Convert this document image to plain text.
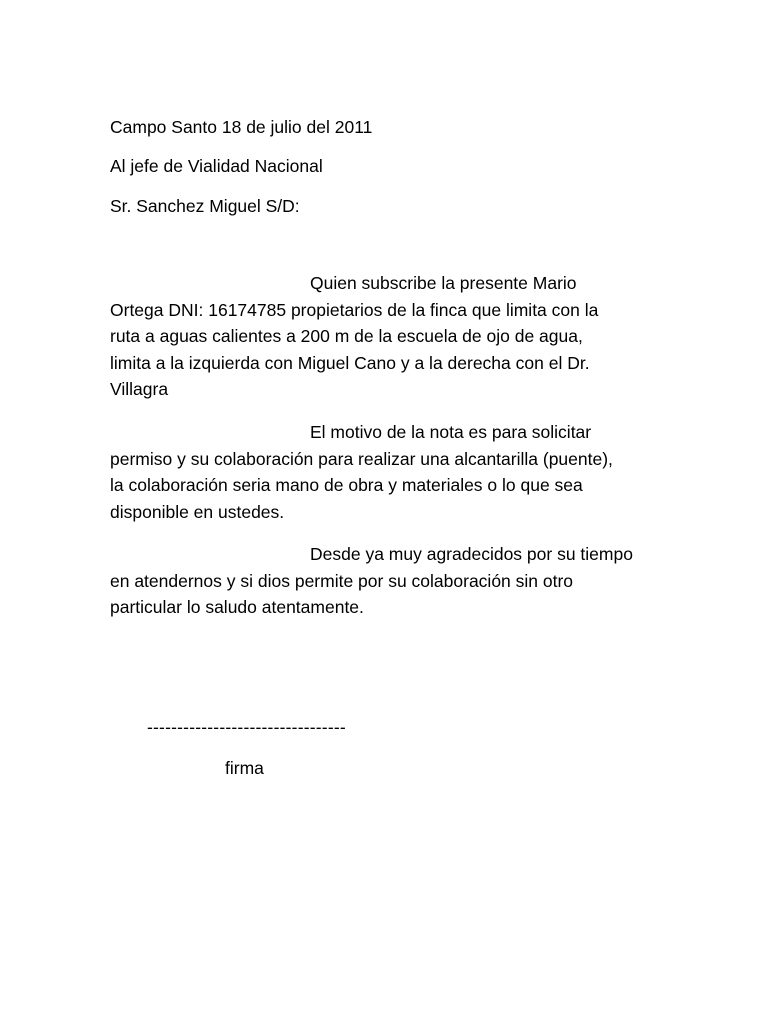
Campo Santo 18 de julio del 2011
Al jefe de Vialidad Nacional
Sr. Sanchez Miguel S/D:
Quien subscribe la presente Mario
Ortega DNI: 16174785 propietarios de la finca que limita con la
ruta a aguas calientes a 200 m de la escuela de ojo de agua,
limita a la izquierda con Miguel Cano y a la derecha con el Dr.
Villagra
El motivo de la nota es para solicitar
permiso y su colaboración para realizar una alcantarilla (puente),
la colaboración seria mano de obra y materiales o lo que sea
disponible en ustedes.
Desde ya muy agradecidos por su tiempo
en atendernos y si dios permite por su colaboración sin otro
particular lo saludo atentamente.
---------------------------------
firma
